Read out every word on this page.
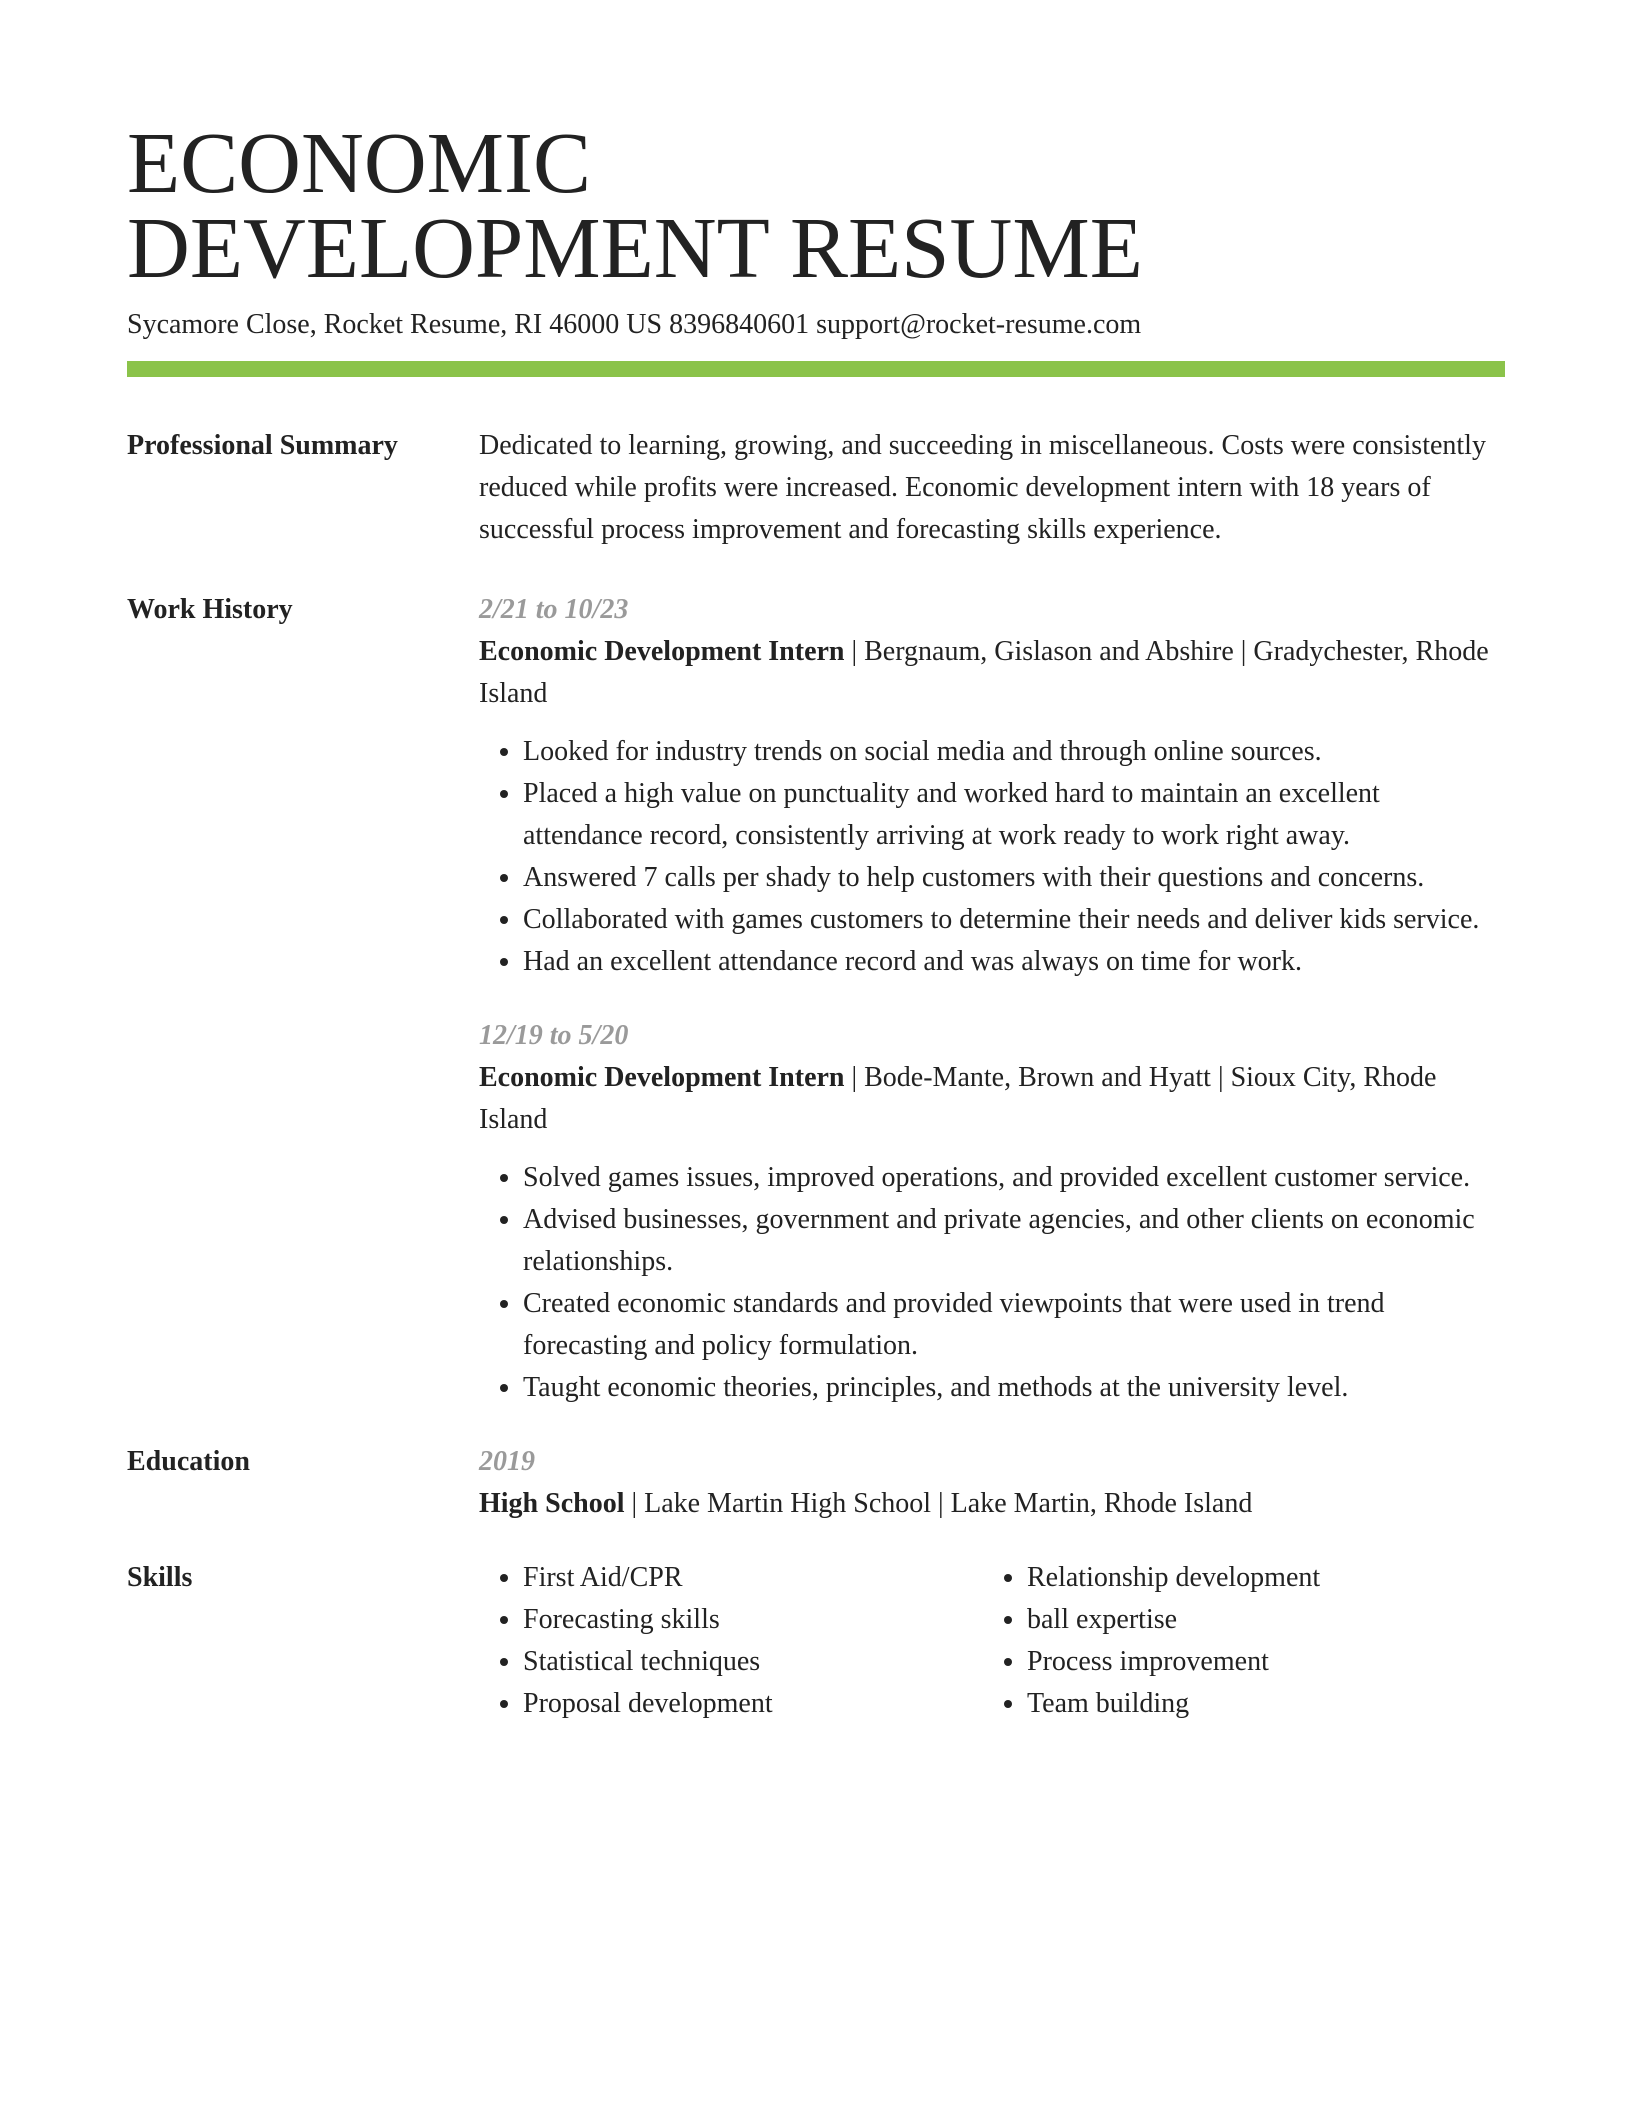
ECONOMIC
DEVELOPMENT RESUME
Sycamore Close, Rocket Resume, RI 46000 US 8396840601 support@rocket-resume.com
Professional Summary	Dedicated to learning, growing, and succeeding in miscellaneous. Costs were consistently reduced while profits were increased. Economic development intern with 18 years of successful process improvement and forecasting skills experience.
Work History	2/21 to 10/23
Economic Development Intern | Bergnaum, Gislason and Abshire | Gradychester, Rhode Island
• Looked for industry trends on social media and through online sources.
• Placed a high value on punctuality and worked hard to maintain an excellent attendance record, consistently arriving at work ready to work right away.
• Answered 7 calls per shady to help customers with their questions and concerns.
• Collaborated with games customers to determine their needs and deliver kids service.
• Had an excellent attendance record and was always on time for work.
12/19 to 5/20
Economic Development Intern | Bode-Mante, Brown and Hyatt | Sioux City, Rhode Island
• Solved games issues, improved operations, and provided excellent customer service.
• Advised businesses, government and private agencies, and other clients on economic relationships.
• Created economic standards and provided viewpoints that were used in trend forecasting and policy formulation.
• Taught economic theories, principles, and methods at the university level.
Education	2019
High School | Lake Martin High School | Lake Martin, Rhode Island
Skills
•	First Aid/CPR
• Forecasting skills
• Statistical techniques
• Proposal development
• Relationship development
• ball expertise
• Process improvement
• Team building
